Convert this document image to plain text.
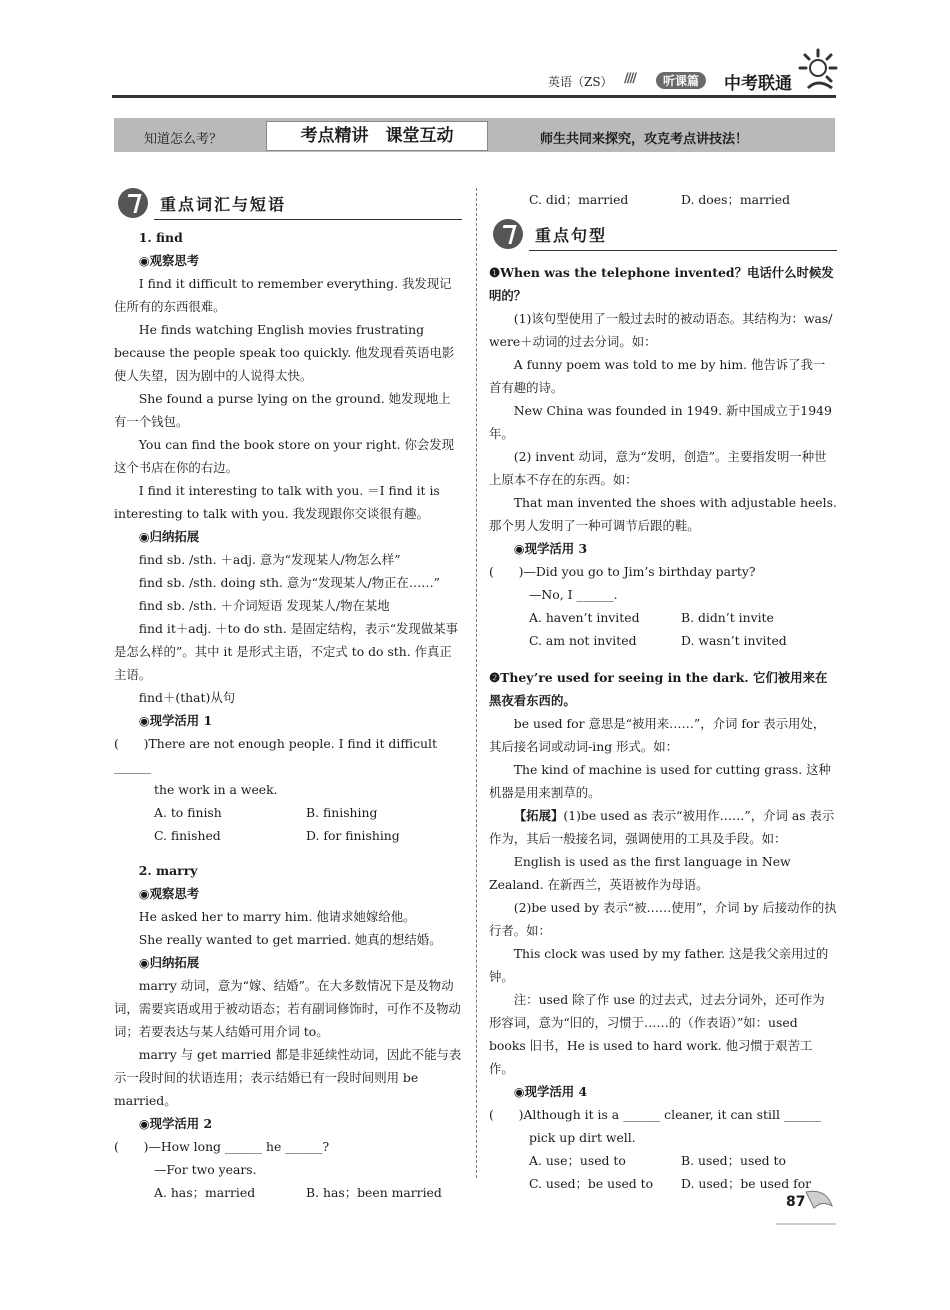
英语（ZS） ////	听课篇	中考联通
知道怎么考？	考点精讲　课堂互动	师生共同来探究，攻克考点讲技法！
重点词汇与短语
1. find
◉观察思考

I find it difficult to remember everything. 我发现记住所有的东西很难。

He finds watching English movies frustrating because the people speak too quickly. 他发现看英语电影使人失望，因为剧中的人说得太快。

She found a purse lying on the ground. 她发现地上有一个钱包。

You can find the book store on your right. 你会发现这个书店在你的右边。

I find it interesting to talk with you. ＝I find it is interesting to talk with you. 我发现跟你交谈很有趣。

◉归纳拓展

find sb. /sth. ＋adj. 意为“发现某人/物怎么样”

find sb. /sth. doing sth. 意为“发现某人/物正在……”

find sb. /sth. ＋介词短语 发现某人/物在某地

find it＋adj. ＋to do sth. 是固定结构，表示“发现做某事是怎么样的”。其中 it 是形式主语，不定式 to do sth. 作真正主语。

find＋(that)从句

◉现学活用 1
(　　)There are not enough people. I find it difficult ______
the work in a week.
A. to finish	B. finishing
C. finished	D. for finishing
2. marry
◉观察思考

He asked her to marry him. 他请求她嫁给他。

She really wanted to get married. 她真的想结婚。

◉归纳拓展

marry 动词，意为“嫁、结婚”。在大多数情况下是及物动词，需要宾语或用于被动语态；若有副词修饰时，可作不及物动词；若要表达与某人结婚可用介词 to。

marry 与 get married 都是非延续性动词，因此不能与表示一段时间的状语连用；表示结婚已有一段时间则用 be married。

◉现学活用 2
(　　)—How long ______ he ______?
—For two years.
A. has；married	B. has；been married
C. did；married	D. does；married
重点句型

❶When was the telephone invented？电话什么时候发明的？

(1)该句型使用了一般过去时的被动语态。其结构为：was/ were＋动词的过去分词。如：

A funny poem was told to me by him. 他告诉了我一首有趣的诗。

New China was founded in 1949. 新中国成立于1949年。

(2) invent 动词，意为“发明，创造”。主要指发明一种世上原本不存在的东西。如：

That man invented the shoes with adjustable heels. 那个男人发明了一种可调节后跟的鞋。

◉现学活用 3
(　　)—Did you go to Jim’s birthday party?
—No, I ______.
A. haven’t invited	B. didn’t invite
C. am not invited	D. wasn’t invited

❷They’re used for seeing in the dark. 它们被用来在黑夜看东西的。

be used for 意思是“被用来……”，介词 for 表示用处，其后接名词或动词-ing 形式。如：

The kind of machine is used for cutting grass. 这种机器是用来割草的。

【拓展】(1)be used as 表示“被用作……”，介词 as 表示作为，其后一般接名词，强调使用的工具及手段。如：

English is used as the first language in New Zealand. 在新西兰，英语被作为母语。

(2)be used by 表示“被……使用”，介词 by 后接动作的执行者。如：

This clock was used by my father. 这是我父亲用过的钟。

注：used 除了作 use 的过去式，过去分词外，还可作为形容词，意为“旧的，习惯于……的（作表语）”如：used books 旧书，He is used to hard work. 他习惯于艰苦工作。

◉现学活用 4
(　　)Although it is a ______ cleaner, it can still ______
pick up dirt well.
A. use；used to	B. used；used to
C. used；be used to D. used；be used for
87
